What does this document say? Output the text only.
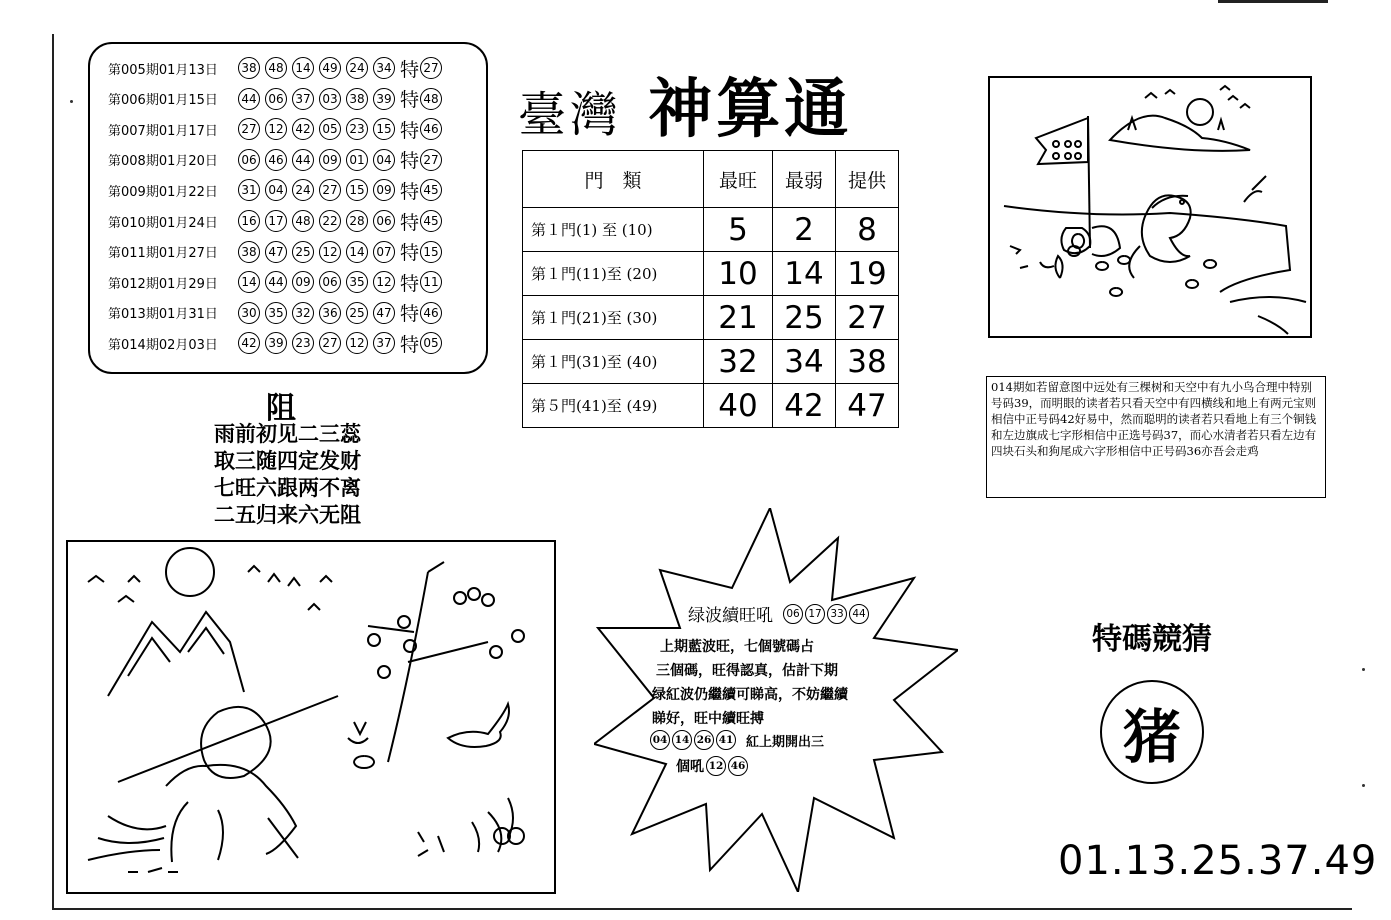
第005期01月13日	38 48 14 49 24 34 特 27
第006期01月15日	44 06 37 03 38 39 特 48
第007期01月17日	27 12 42 05 23 15 特 46
第008期01月20日	06 46 44 09 01 04 特 27
第009期01月22日	31 04 24 27 15 09 特 45
第010期01月24日	16 17 48 22 28 06 特 45
第011期01月27日	38 47 25 12 14 07 特 15
第012期01月29日	14 44 09 06 35 12 特 11
第013期01月31日	30 35 32 36 25 47 特 46
第014期02月03日	42 39 23 27 12 37 特 05
臺灣 神算通
門　類	最旺	最弱	提供
第１門(1) 至 (10)	5	2	8
第１門(11)至 (20)	10	14	19
第１門(21)至 (30)	21	25	27
第１門(31)至 (40)	32	34	38
第５門(41)至 (49)	40	42	47
阻
雨前初见二三蕊
取三随四定发财
七旺六跟两不离
二五归来六无阻
014期如若留意图中远处有三棵树和天空中有九小鸟合理中特别号码39，而明眼的读者若只看天空中有四横线和地上有两元宝则相信中正号码42好易中，然而聪明的读者若只看地上有三个铜钱和左边旗成七字形相信中正选号码37，而心水清者若只看左边有四块石头和狗尾成六字形相信中正号码36亦吾会走鸡
绿波續旺吼	06 17 33 44
上期藍波旺，七個號碼占
三個碼，旺得認真，估計下期
绿紅波仍繼續可睇高，不妨繼續
睇好，旺中續旺搏
04 14 26 41 紅上期開出三
個吼 12 46
特碼競猜
猪
01.13.25.37.49
